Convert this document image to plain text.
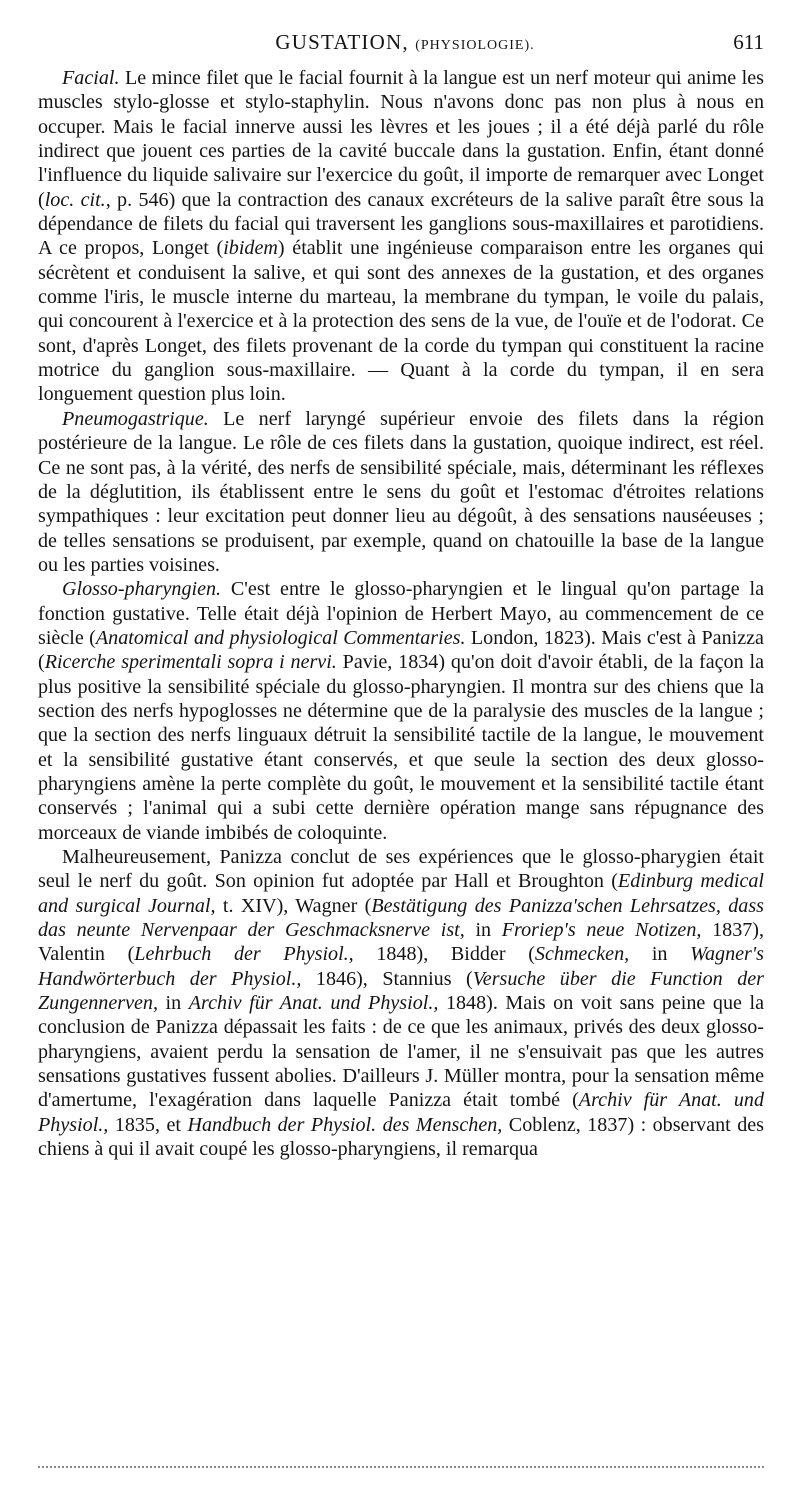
GUSTATION, (PHYSIOLOGIE).	611

Facial. Le mince filet que le facial fournit à la langue est un nerf moteur qui anime les muscles stylo-glosse et stylo-staphylin. Nous n'avons donc pas non plus à nous en occuper. Mais le facial innerve aussi les lèvres et les joues ; il a été déjà parlé du rôle indirect que jouent ces parties de la cavité buccale dans la gustation. Enfin, étant donné l'influence du liquide salivaire sur l'exercice du goût, il importe de remarquer avec Longet (loc. cit., p. 546) que la contraction des canaux excréteurs de la salive paraît être sous la dépendance de filets du facial qui traversent les ganglions sous-maxillaires et parotidiens. A ce propos, Longet (ibidem) établit une ingénieuse comparaison entre les organes qui sécrètent et conduisent la salive, et qui sont des annexes de la gustation, et des organes comme l'iris, le muscle interne du marteau, la membrane du tympan, le voile du palais, qui concourent à l'exercice et à la protection des sens de la vue, de l'ouïe et de l'odorat. Ce sont, d'après Longet, des filets provenant de la corde du tympan qui constituent la racine motrice du ganglion sous-maxillaire. — Quant à la corde du tympan, il en sera longuement question plus loin.

Pneumogastrique. Le nerf laryngé supérieur envoie des filets dans la région postérieure de la langue. Le rôle de ces filets dans la gustation, quoique indirect, est réel. Ce ne sont pas, à la vérité, des nerfs de sensibilité spéciale, mais, déterminant les réflexes de la déglutition, ils établissent entre le sens du goût et l'estomac d'étroites relations sympathiques : leur excitation peut donner lieu au dégoût, à des sensations nauséeuses ; de telles sensations se produisent, par exemple, quand on chatouille la base de la langue ou les parties voisines.

Glosso-pharyngien. C'est entre le glosso-pharyngien et le lingual qu'on partage la fonction gustative. Telle était déjà l'opinion de Herbert Mayo, au commencement de ce siècle (Anatomical and physiological Commentaries. London, 1823). Mais c'est à Panizza (Ricerche sperimentali sopra i nervi. Pavie, 1834) qu'on doit d'avoir établi, de la façon la plus positive la sensibilité spéciale du glosso-pharyngien. Il montra sur des chiens que la section des nerfs hypoglosses ne détermine que de la paralysie des muscles de la langue ; que la section des nerfs linguaux détruit la sensibilité tactile de la langue, le mouvement et la sensibilité gustative étant conservés, et que seule la section des deux glosso-pharyngiens amène la perte complète du goût, le mouvement et la sensibilité tactile étant conservés ; l'animal qui a subi cette dernière opération mange sans répugnance des morceaux de viande imbibés de coloquinte.

Malheureusement, Panizza conclut de ses expériences que le glosso-pharygien était seul le nerf du goût. Son opinion fut adoptée par Hall et Broughton (Edinburg medical and surgical Journal, t. XIV), Wagner (Bestätigung des Panizza'schen Lehrsatzes, dass das neunte Nervenpaar der Geschmacksnerve ist, in Froriep's neue Notizen, 1837), Valentin (Lehrbuch der Physiol., 1848), Bidder (Schmecken, in Wagner's Handwörterbuch der Physiol., 1846), Stannius (Versuche über die Function der Zungennerven, in Archiv für Anat. und Physiol., 1848). Mais on voit sans peine que la conclusion de Panizza dépassait les faits : de ce que les animaux, privés des deux glosso-pharyngiens, avaient perdu la sensation de l'amer, il ne s'ensuivait pas que les autres sensations gustatives fussent abolies. D'ailleurs J. Müller montra, pour la sensation même d'amertume, l'exagération dans laquelle Panizza était tombé (Archiv für Anat. und Physiol., 1835, et Handbuch der Physiol. des Menschen, Coblenz, 1837) : observant des chiens à qui il avait coupé les glosso-pharyngiens, il remarqua
